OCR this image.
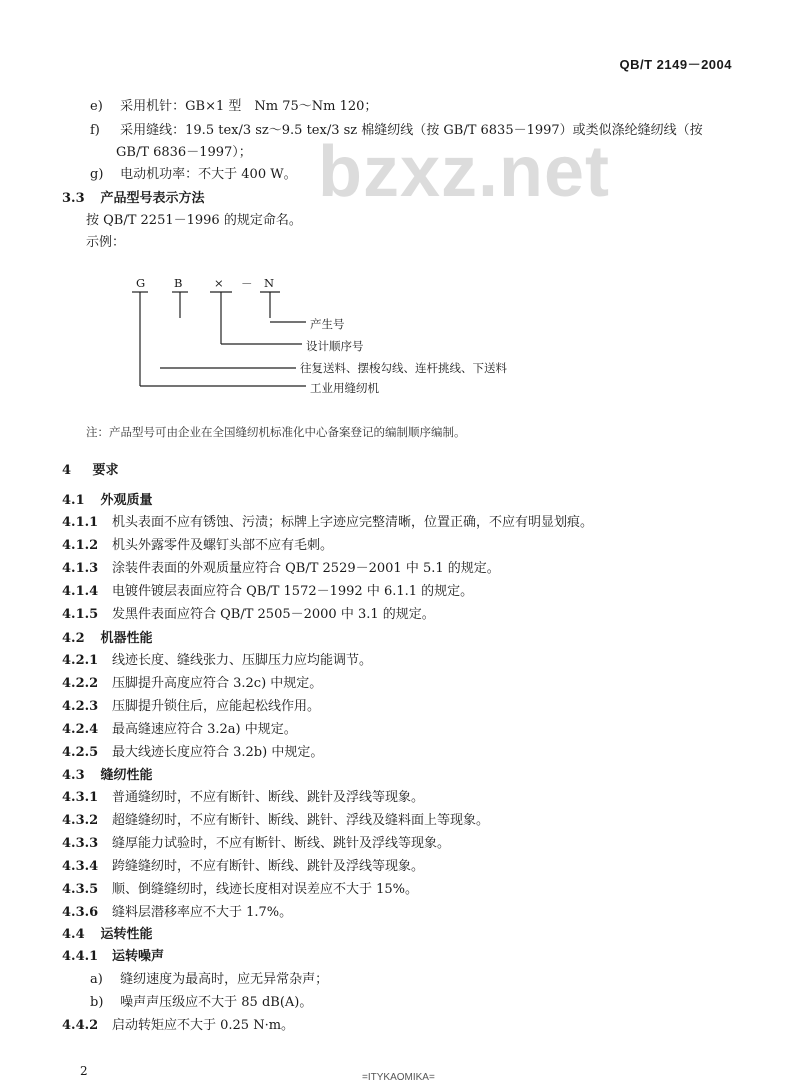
QB/T 2149－2004
bzxz.net
e) 采用机针：GB×1 型　Nm 75～Nm 120；
f) 采用缝线：19.5 tex/3 sz～9.5 tex/3 sz 棉缝纫线（按 GB/T 6835－1997）或类似涤纶缝纫线（按
GB/T 6836－1997）；
g) 电动机功率：不大于 400 W。
3.3 产品型号表示方法
按 QB/T 2251－1996 的规定命名。
示例：
G	B	× － N
产生号
设计顺序号
往复送料、摆梭勾线、连杆挑线、下送料
工业用缝纫机
注：产品型号可由企业在全国缝纫机标准化中心备案登记的编制顺序编制。
4 要求
4.1 外观质量
4.1.1 机头表面不应有锈蚀、污渍；标牌上字迹应完整清晰，位置正确，不应有明显划痕。
4.1.2 机头外露零件及螺钉头部不应有毛刺。
4.1.3 涂装件表面的外观质量应符合 QB/T 2529－2001 中 5.1 的规定。
4.1.4 电镀件镀层表面应符合 QB/T 1572－1992 中 6.1.1 的规定。
4.1.5 发黑件表面应符合 QB/T 2505－2000 中 3.1 的规定。
4.2 机器性能
4.2.1 线迹长度、缝线张力、压脚压力应均能调节。
4.2.2 压脚提升高度应符合 3.2c) 中规定。
4.2.3 压脚提升锁住后，应能起松线作用。
4.2.4 最高缝速应符合 3.2a) 中规定。
4.2.5 最大线迹长度应符合 3.2b) 中规定。
4.3 缝纫性能
4.3.1 普通缝纫时，不应有断针、断线、跳针及浮线等现象。
4.3.2 超缝缝纫时，不应有断针、断线、跳针、浮线及缝料面上等现象。
4.3.3 缝厚能力试验时，不应有断针、断线、跳针及浮线等现象。
4.3.4 跨缝缝纫时，不应有断针、断线、跳针及浮线等现象。
4.3.5 顺、倒缝缝纫时，线迹长度相对误差应不大于 15%。
4.3.6 缝料层潜移率应不大于 1.7%。
4.4 运转性能
4.4.1 运转噪声
a) 缝纫速度为最高时，应无异常杂声；
b) 噪声声压级应不大于 85 dB(A)。
4.4.2 启动转矩应不大于 0.25 N·m。
2	=ITYKAOMIKA=
